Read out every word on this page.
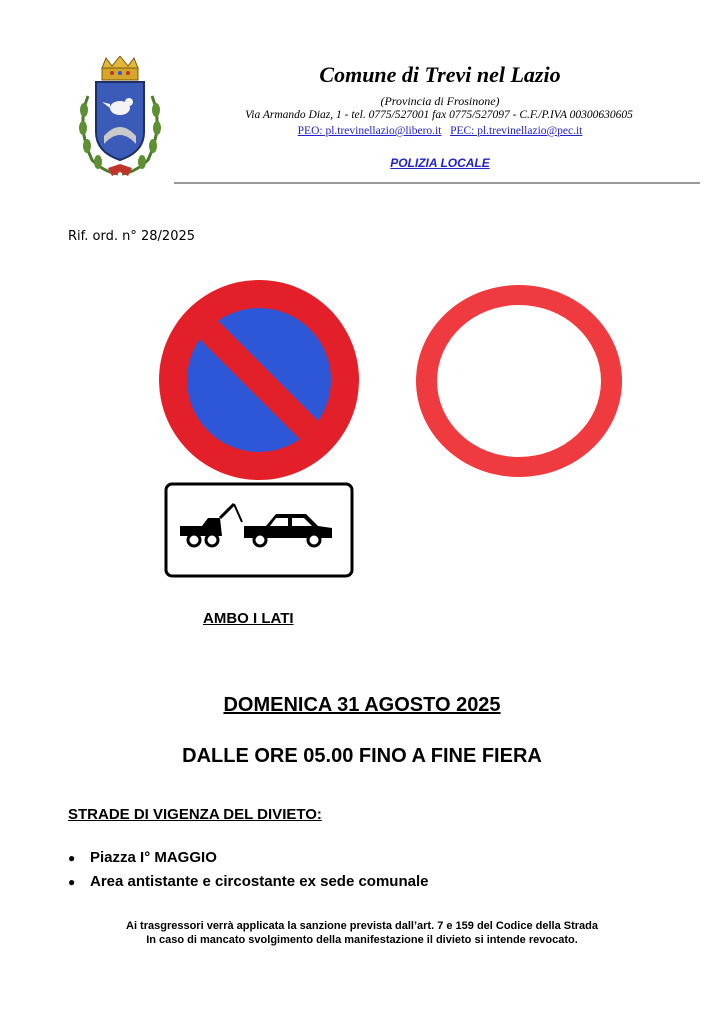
Comune di Trevi nel Lazio
(Provincia di Frosinone)
Via Armando Diaz, 1 - tel. 0775/527001 fax 0775/527097 - C.F./P.IVA 00300630605
PEO: pl.trevinellazio@libero.it PEC: pl.trevinellazio@pec.it
POLIZIA LOCALE
Rif. ord. n° 28/2025
AMBO I LATI
DOMENICA 31 AGOSTO 2025
DALLE ORE 05.00 FINO A FINE FIERA
STRADE DI VIGENZA DEL DIVIETO:
● Piazza I° MAGGIO
● Area antistante e circostante ex sede comunale
Ai trasgressori verrà applicata la sanzione prevista dall’art. 7 e 159 del Codice della Strada
In caso di mancato svolgimento della manifestazione il divieto si intende revocato.
